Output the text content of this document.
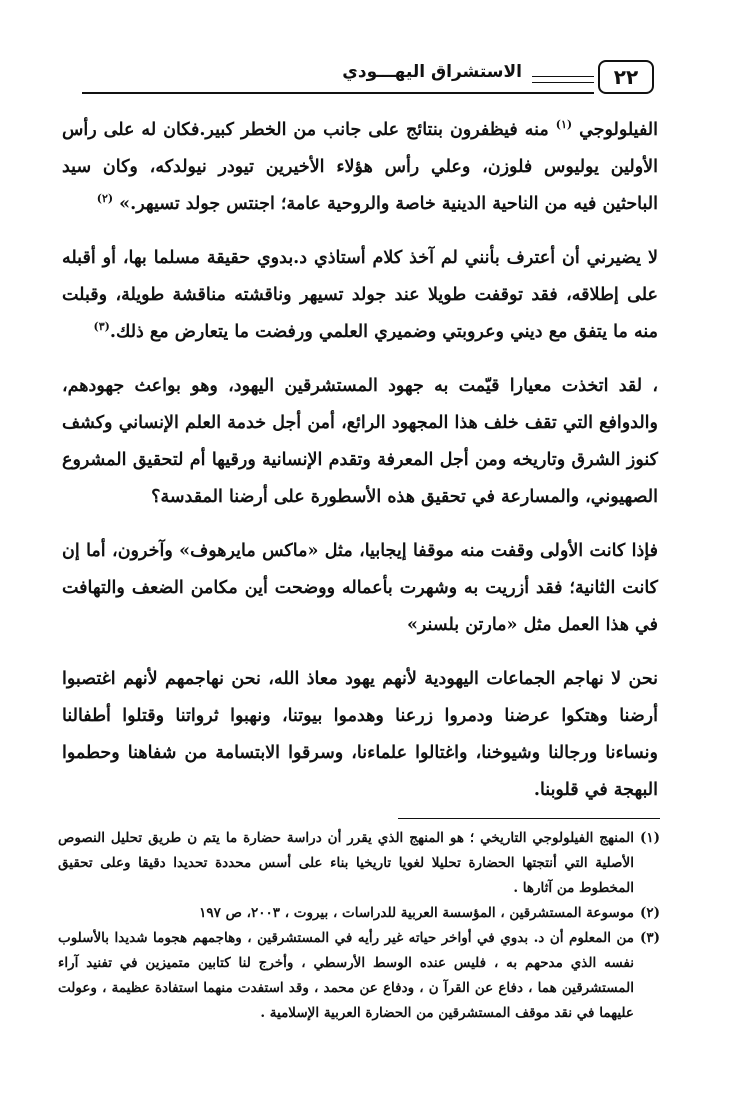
٢٢
الاستشراق اليهـــودي

الفيلولوجي $^{(١)}$ منه فيظفرون بنتائج على جانب من الخطر كبير.فكان له على رأس الأولين يوليوس فلوزن، وعلي رأس هؤلاء الأخيرين تيودر نيولدكه، وكان سيد الباحثين فيه من الناحية الدينية خاصة والروحية عامة؛ اجنتس جولد تسيهر.» $^{(٢)}$

لا يضيرني أن أعترف بأنني لم آخذ كلام أستاذي د.بدوي حقيقة مسلما بها، أو أقبله على إطلاقه، فقد توقفت طويلا عند جولد تسيهر وناقشته مناقشة طويلة، وقبلت منه ما يتفق مع ديني وعروبتي وضميري العلمي ورفضت ما يتعارض مع ذلك.$^{(٣)}$

، لقد اتخذت معيارا قيّمت به جهود المستشرقين اليهود، وهو بواعث جهودهم، والدوافع التي تقف خلف هذا المجهود الرائع، أمن أجل خدمة العلم الإنساني وكشف كنوز الشرق وتاريخه ومن أجل المعرفة وتقدم الإنسانية ورقيها أم لتحقيق المشروع الصهيوني، والمسارعة في تحقيق هذه الأسطورة على أرضنا المقدسة؟

فإذا كانت الأولى وقفت منه موقفا إيجابيا، مثل «ماكس مايرهوف» وآخرون، أما إن كانت الثانية؛ فقد أزريت به وشهرت بأعماله ووضحت أين مكامن الضعف والتهافت في هذا العمل مثل «مارتن بلسنر»

نحن لا نهاجم الجماعات اليهودية لأنهم يهود معاذ الله، نحن نهاجمهم لأنهم اغتصبوا أرضنا وهتكوا عرضنا ودمروا زرعنا وهدموا بيوتنا، ونهبوا ثرواتنا وقتلوا أطفالنا ونساءنا ورجالنا وشيوخنا، واغتالوا علماءنا، وسرقوا الابتسامة من شفاهنا وحطموا البهجة في قلوبنا.

(١)
المنهج الفيلولوجي التاريخي ؛ هو المنهج الذي يقرر أن دراسة حضارة ما يتم ن طريق تحليل النصوص الأصلية التي أنتجتها الحضارة تحليلا لغويا تاريخيا بناء على أسس محددة تحديدا دقيقا وعلى تحقيق المخطوط من آثارها .
(٢)
موسوعة المستشرقين ، المؤسسة العربية للدراسات ، بيروت ، ٢٠٠٣، ص ١٩٧
(٣)
من المعلوم أن د. بدوي في أواخر حياته غير رأيه في المستشرقين ، وهاجمهم هجوما شديدا بالأسلوب نفسه الذي مدحهم به ، فليس عنده الوسط الأرسطي ، وأخرج لنا كتابين متميزين في تفنيد آراء المستشرقين هما ، دفاع عن القرآ ن ، ودفاع عن محمد ، وقد استفدت منهما استفادة عظيمة ، وعولت عليهما في نقد موقف المستشرقين من الحضارة العربية الإسلامية .
